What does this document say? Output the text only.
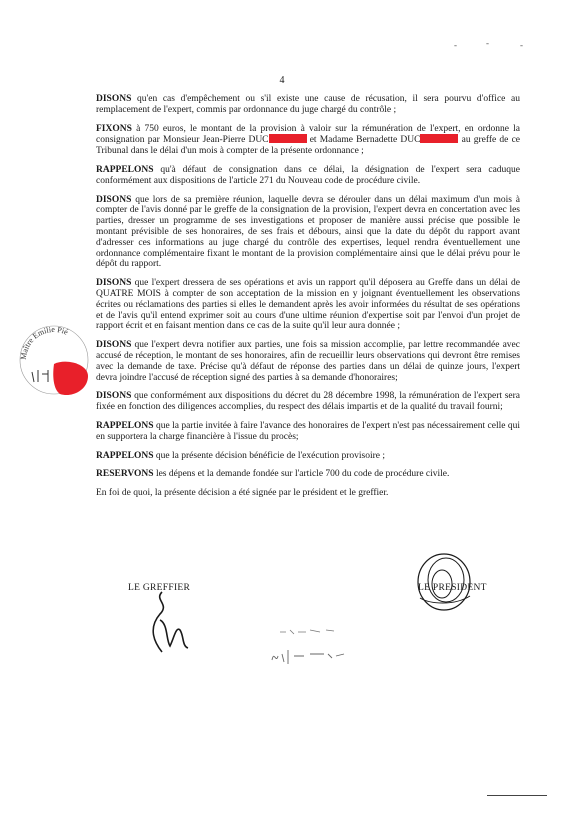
4

DISONS qu'en cas d'empêchement ou s'il existe une cause de récusation, il sera pourvu d'office au remplacement de l'expert, commis par ordonnance du juge chargé du contrôle ;

FIXONS à 750 euros, le montant de la provision à valoir sur la rémunération de l'expert, en ordonne la consignation par Monsieur Jean-Pierre DUC	et Madame Bernadette DUC	au greffe de ce Tribunal dans le délai d'un mois à compter de la présente ordonnance ;

RAPPELONS qu'à défaut de consignation dans ce délai, la désignation de l'expert sera caduque conformément aux dispositions de l'article 271 du Nouveau code de procédure civile.

DISONS que lors de sa première réunion, laquelle devra se dérouler dans un délai maximum d'un mois à compter de l'avis donné par le greffe de la consignation de la provision, l'expert devra en concertation avec les parties, dresser un programme de ses investigations et proposer de manière aussi précise que possible le montant prévisible de ses honoraires, de ses frais et débours, ainsi que la date du dépôt du rapport avant d'adresser ces informations au juge chargé du contrôle des expertises, lequel rendra éventuellement une ordonnance complémentaire fixant le montant de la provision complémentaire ainsi que le délai prévu pour le dépôt du rapport.

DISONS que l'expert dressera de ses opérations et avis un rapport qu'il déposera au Greffe dans un délai de QUATRE MOIS à compter de son acceptation de la mission en y joignant éventuellement les observations écrites ou réclamations des parties si elles le demandent après les avoir informées du résultat de ses opérations et de l'avis qu'il entend exprimer soit au cours d'une ultime réunion d'expertise soit par l'envoi d'un projet de rapport écrit et en faisant mention dans ce cas de la suite qu'il leur aura donnée ;

DISONS que l'expert devra notifier aux parties, une fois sa mission accomplie, par lettre recommandée avec accusé de réception, le montant de ses honoraires, afin de recueillir leurs observations qui devront être remises avec la demande de taxe. Précise qu'à défaut de réponse des parties dans un délai de quinze jours, l'expert devra joindre l'accusé de réception signé des parties à sa demande d'honoraires;

DISONS que conformément aux dispositions du décret du 28 décembre 1998, la rémunération de l'expert sera fixée en fonction des diligences accomplies, du respect des délais impartis et de la qualité du travail fourni;

RAPPELONS que la partie invitée à faire l'avance des honoraires de l'expert n'est pas nécessairement celle qui en supportera la charge financière à l'issue du procès;

RAPPELONS que la présente décision bénéficie de l'exécution provisoire ;

RESERVONS les dépens et la demande fondée sur l'article 700 du code de procédure civile.

En foi de quoi, la présente décision a été signée par le président et le greffier.

LE GREFFIER	LE PRESIDENT
Maître Emilie Pié
-	-	-
